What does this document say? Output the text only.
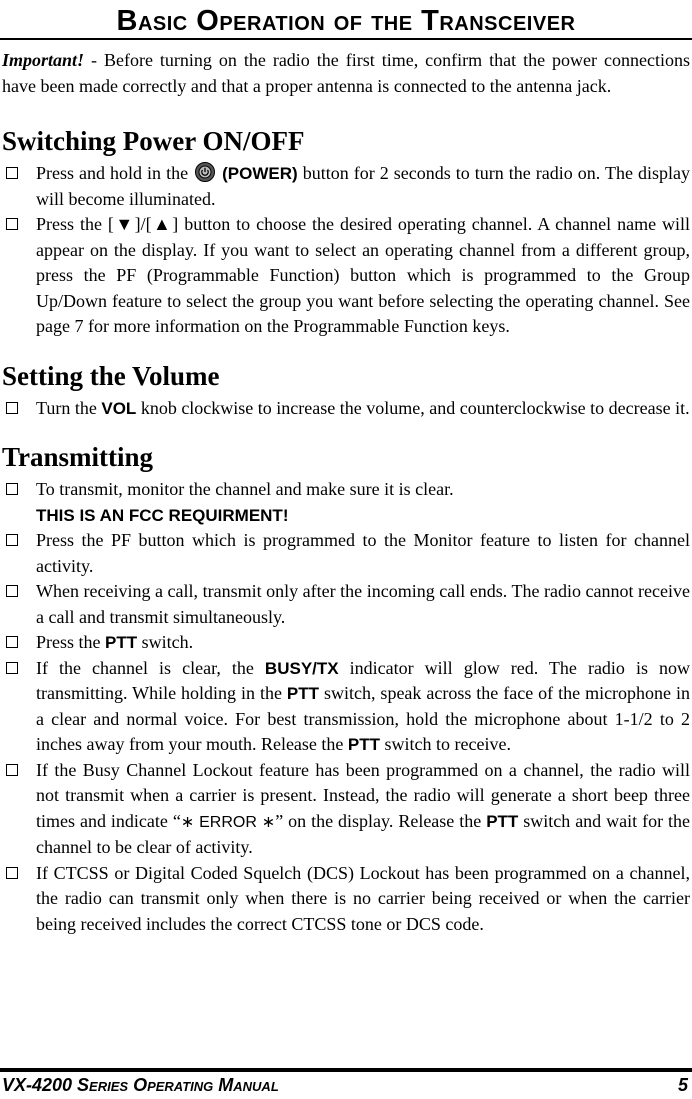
Basic Operation of the Transceiver

Important! - Before turning on the radio the first time, confirm that the power connections have been made correctly and that a proper antenna is connected to the antenna jack.

Switching Power ON/OFF
Press and hold in the
(POWER) button for 2 seconds to turn the radio on. The display will become illuminated.
Press the [▼]/[▲] button to choose the desired operating channel. A channel name will appear on the display. If you want to select an operating channel from a different group, press the PF (Programmable Function) button which is programmed to the Group Up/Down feature to select the group you want before selecting the operating channel. See page 7 for more information on the Programmable Function keys.
Setting the Volume
Turn the VOL knob clockwise to increase the volume, and counterclockwise to decrease it.
Transmitting
To transmit, monitor the channel and make sure it is clear.
THIS IS AN FCC REQUIRMENT!
Press the PF button which is programmed to the Monitor feature to listen for channel activity.
When receiving a call, transmit only after the incoming call ends. The radio cannot receive a call and transmit simultaneously.
Press the PTT switch.
If the channel is clear, the BUSY/TX indicator will glow red. The radio is now transmitting. While holding in the PTT switch, speak across the face of the microphone in a clear and normal voice. For best transmission, hold the microphone about 1-1/2 to 2 inches away from your mouth. Release the PTT switch to receive.
If the Busy Channel Lockout feature has been programmed on a channel, the radio will not transmit when a carrier is present. Instead, the radio will generate a short beep three times and indicate “∗ ERROR ∗” on the display. Release the PTT switch and wait for the channel to be clear of activity.
If CTCSS or Digital Coded Squelch (DCS) Lockout has been programmed on a channel, the radio can transmit only when there is no carrier being received or when the carrier being received includes the correct CTCSS tone or DCS code.
VX-4200 Series Operating Manual	5
